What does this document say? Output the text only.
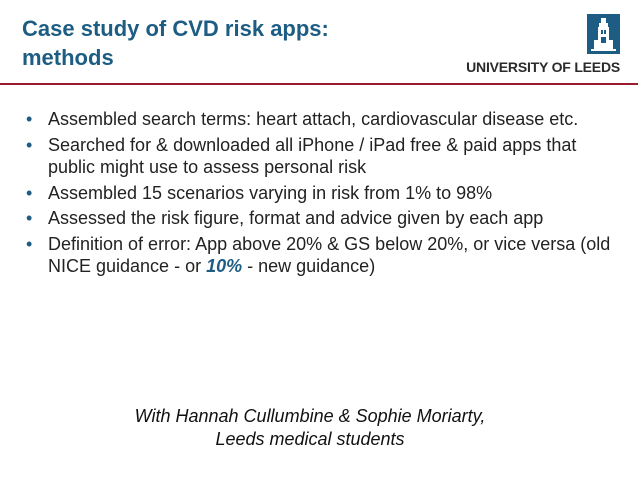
Case study of CVD risk apps:
methods	UNIVERSITY OF LEEDS
• Assembled search terms: heart attach, cardiovascular disease etc.
• Searched for & downloaded all iPhone / iPad free & paid apps that public might use to assess personal risk
• Assembled 15 scenarios varying in risk from 1% to 98%
• Assessed the risk figure, format and advice given by each app
• Definition of error: App above 20% & GS below 20%, or vice versa (old NICE guidance - or 10% - new guidance)
With Hannah Cullumbine & Sophie Moriarty,
Leeds medical students
